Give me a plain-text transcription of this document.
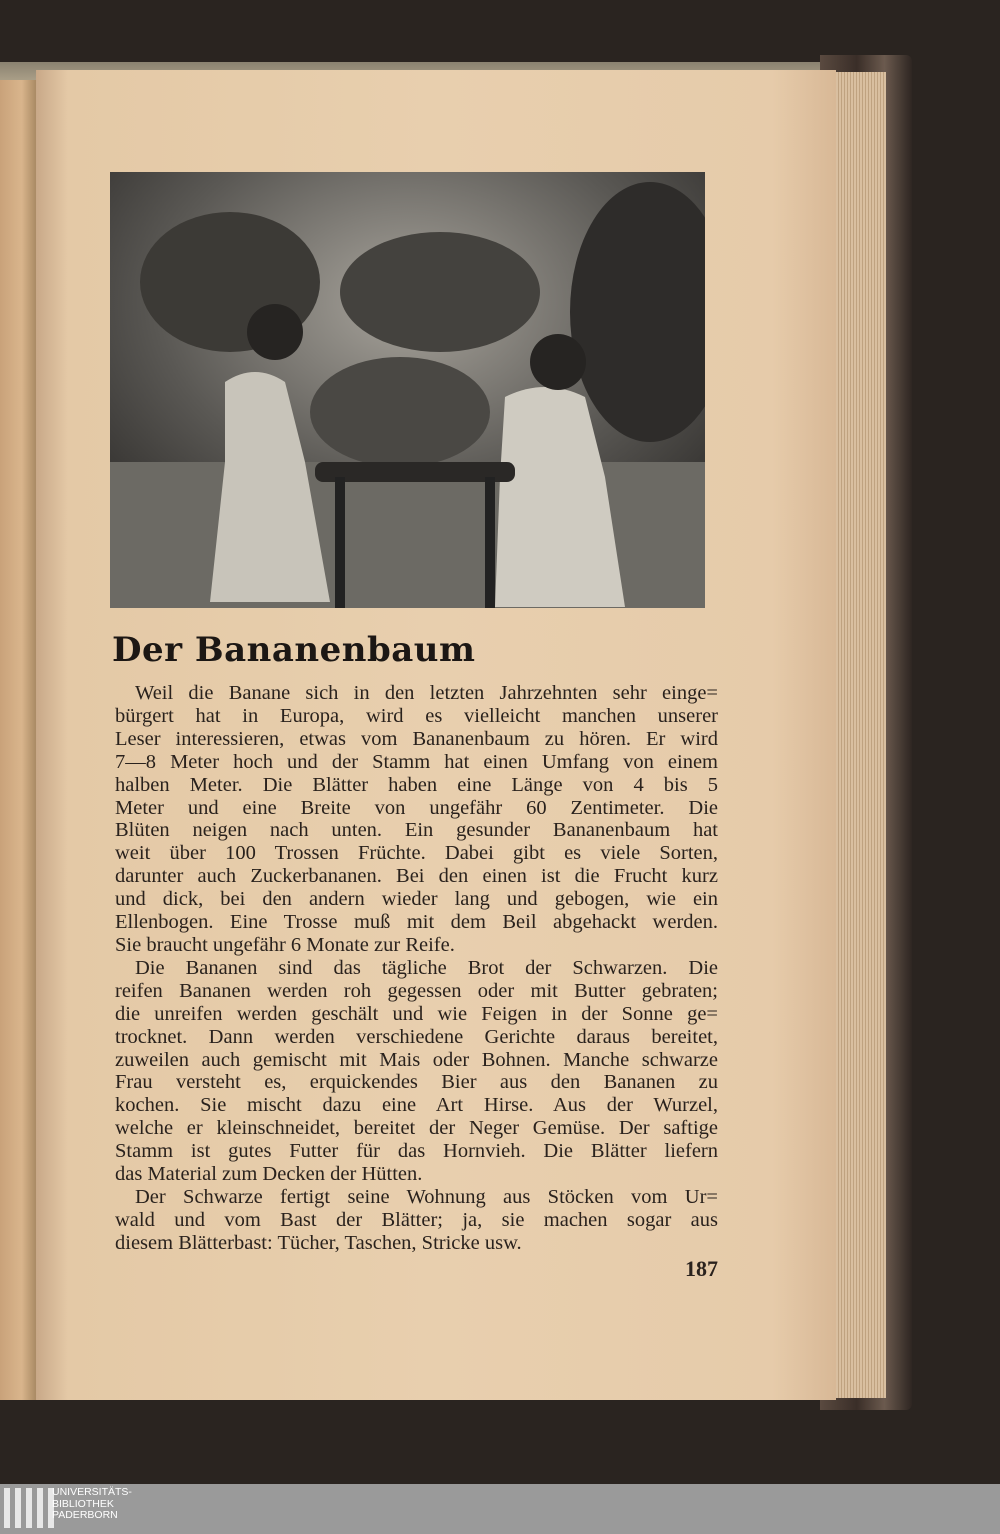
Der Bananenbaum
Weil die Banane sich in den letzten Jahrzehnten sehr einge=
bürgert hat in Europa, wird es vielleicht manchen unserer
Leser interessieren, etwas vom Bananenbaum zu hören. Er wird
7—8 Meter hoch und der Stamm hat einen Umfang von einem
halben Meter. Die Blätter haben eine Länge von 4 bis 5
Meter und eine Breite von ungefähr 60 Zentimeter. Die
Blüten neigen nach unten. Ein gesunder Bananenbaum hat
weit über 100 Trossen Früchte. Dabei gibt es viele Sorten,
darunter auch Zuckerbananen. Bei den einen ist die Frucht kurz
und dick, bei den andern wieder lang und gebogen, wie ein
Ellenbogen. Eine Trosse muß mit dem Beil abgehackt werden.
Sie braucht ungefähr 6 Monate zur Reife.
Die Bananen sind das tägliche Brot der Schwarzen. Die
reifen Bananen werden roh gegessen oder mit Butter gebraten;
die unreifen werden geschält und wie Feigen in der Sonne ge=
trocknet. Dann werden verschiedene Gerichte daraus bereitet,
zuweilen auch gemischt mit Mais oder Bohnen. Manche schwarze
Frau versteht es, erquickendes Bier aus den Bananen zu
kochen. Sie mischt dazu eine Art Hirse. Aus der Wurzel,
welche er kleinschneidet, bereitet der Neger Gemüse. Der saftige
Stamm ist gutes Futter für das Hornvieh. Die Blätter liefern
das Material zum Decken der Hütten.
Der Schwarze fertigt seine Wohnung aus Stöcken vom Ur=
wald und vom Bast der Blätter; ja, sie machen sogar aus
diesem Blätterbast: Tücher, Taschen, Stricke usw.
187
UNIVERSITÄTS-
BIBLIOTHEK
PADERBORN
